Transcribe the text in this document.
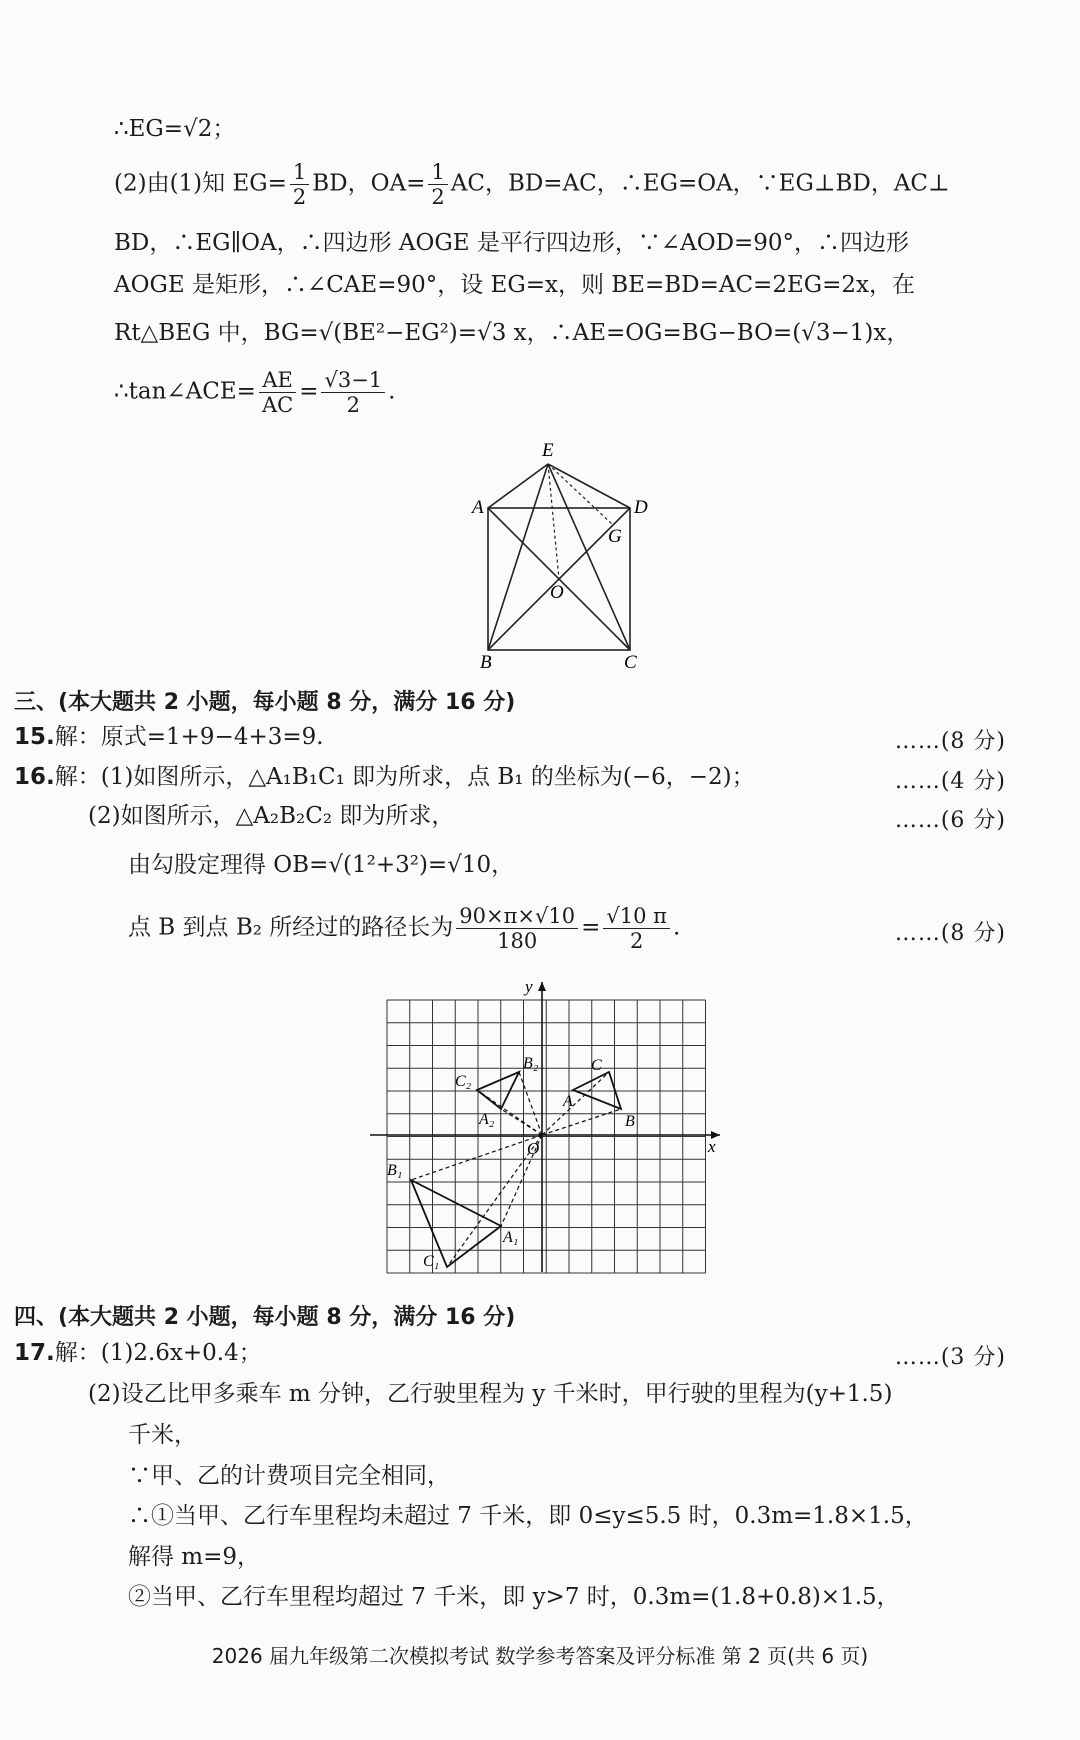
∴EG=√2；
(2)由(1)知 $EG= \frac{1}{2}$ BD，$OA= \frac{1}{2}$ AC，BD=AC，∴EG=OA，∵EG⊥BD，AC⊥
BD，∴EG∥OA，∴四边形 AOGE 是平行四边形，∵∠AOD=90°，∴四边形
AOGE 是矩形，∴∠CAE=90°，设 EG=x，则 BE=BD=AC=2EG=2x，在
Rt△BEG 中，BG=√(BE²−EG²)=√3 x，∴AE=OG=BG−BO=(√3−1)x，
∴tan∠ACE= $\frac{AE}{AC} = \frac{√3-1}{2}$ .
E
A	D
G
O
B	C
三、(本大题共 2 小题，每小题 8 分，满分 16 分)
15.解：原式=1+9−4+3=9.	……(8 分)
16.解：(1)如图所示，△A₁B₁C₁ 即为所求，点 B₁ 的坐标为(−6，−2)；	……(4 分)
(2)如图所示，△A₂B₂C₂ 即为所求，	……(6 分)
由勾股定理得 OB=√(1²+3²)=√10，
点 B 到点 B₂ 所经过的路径长为 $\frac{90\times\pi\times√10}{180} = \frac{√10 \pi}{2}$ .	……(8 分)
x
y
O
B₂	C
C₂
A
A₂	B
B₁
A₁
C₁
四、(本大题共 2 小题，每小题 8 分，满分 16 分)
17.解：(1)2.6x+0.4；	……(3 分)
(2)设乙比甲多乘车 m 分钟，乙行驶里程为 y 千米时，甲行驶的里程为(y+1.5)
千米，
∵甲、乙的计费项目完全相同，
∴①当甲、乙行车里程均未超过 7 千米，即 0≤y≤5.5 时，0.3m=1.8×1.5，
解得 m=9，
②当甲、乙行车里程均超过 7 千米，即 y>7 时，0.3m=(1.8+0.8)×1.5，
2026 届九年级第二次模拟考试 数学参考答案及评分标准 第 2 页(共 6 页)
